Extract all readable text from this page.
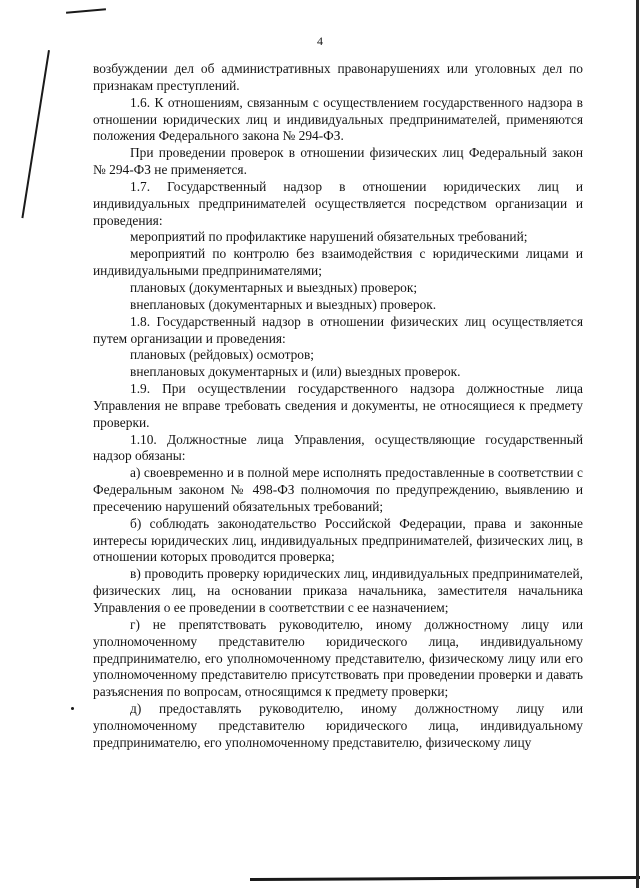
4

возбуждении дел об административных правонарушениях или уголовных дел по признакам преступлений.

1.6. К отношениям, связанным с осуществлением государственного надзора в отношении юридических лиц и индивидуальных предпринимателей, применяются положения Федерального закона № 294-ФЗ.

При проведении проверок в отношении физических лиц Федеральный закон № 294-ФЗ не применяется.

1.7. Государственный надзор в отношении юридических лиц и индивидуальных предпринимателей осуществляется посредством организации и проведения:

мероприятий по профилактике нарушений обязательных требований;

мероприятий по контролю без взаимодействия с юридическими лицами и индивидуальными предпринимателями;

плановых (документарных и выездных) проверок;

внеплановых (документарных и выездных) проверок.

1.8. Государственный надзор в отношении физических лиц осуществляется путем организации и проведения:

плановых (рейдовых) осмотров;

внеплановых документарных и (или) выездных проверок.

1.9. При осуществлении государственного надзора должностные лица Управления не вправе требовать сведения и документы, не относящиеся к предмету проверки.

1.10. Должностные лица Управления, осуществляющие государственный надзор обязаны:

а) своевременно и в полной мере исполнять предоставленные в соответствии с Федеральным законом № 498-ФЗ полномочия по предупреждению, выявлению и пресечению нарушений обязательных требований;

б) соблюдать законодательство Российской Федерации, права и законные интересы юридических лиц, индивидуальных предпринимателей, физических лиц, в отношении которых проводится проверка;

в) проводить проверку юридических лиц, индивидуальных предпринимателей, физических лиц, на основании приказа начальника, заместителя начальника Управления о ее проведении в соответствии с ее назначением;

г) не препятствовать руководителю, иному должностному лицу или уполномоченному представителю юридического лица, индивидуальному предпринимателю, его уполномоченному представителю, физическому лицу или его уполномоченному представителю присутствовать при проведении проверки и давать разъяснения по вопросам, относящимся к предмету проверки;

д) предоставлять руководителю, иному должностному лицу или уполномоченному представителю юридического лица, индивидуальному предпринимателю, его уполномоченному представителю, физическому лицу
